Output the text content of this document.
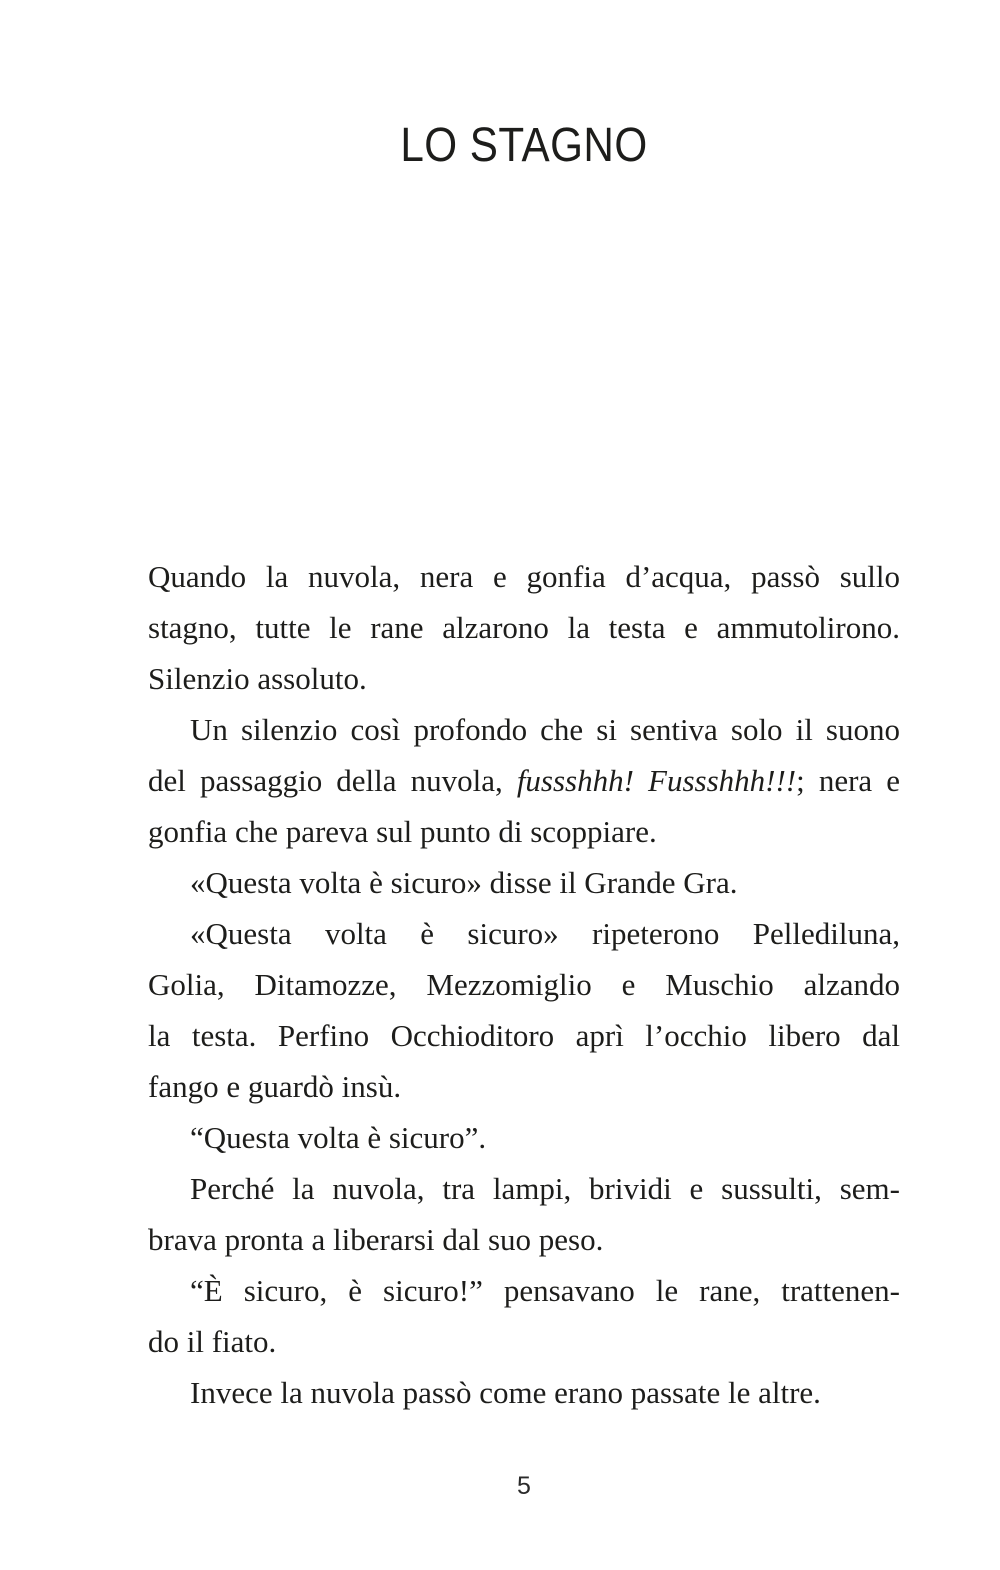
LO STAGNO
Quando la nuvola, nera e gonfia d’acqua, passò sullo
stagno, tutte le rane alzarono la testa e ammutolirono.
Silenzio assoluto.
Un silenzio così profondo che si sentiva solo il suono
del passaggio della nuvola, fussshhh! Fussshhh!!!; nera e
gonfia che pareva sul punto di scoppiare.
«Questa volta è sicuro» disse il Grande Gra.
«Questa volta è sicuro» ripeterono Pellediluna,
Golia, Ditamozze, Mezzomiglio e Muschio alzando
la testa. Perfino Occhioditoro aprì l’occhio libero dal
fango e guardò insù.
“Questa volta è sicuro”.
Perché la nuvola, tra lampi, brividi e sussulti, sem-
brava pronta a liberarsi dal suo peso.
“È sicuro, è sicuro!” pensavano le rane, trattenen-
do il fiato.
Invece la nuvola passò come erano passate le altre.
5
